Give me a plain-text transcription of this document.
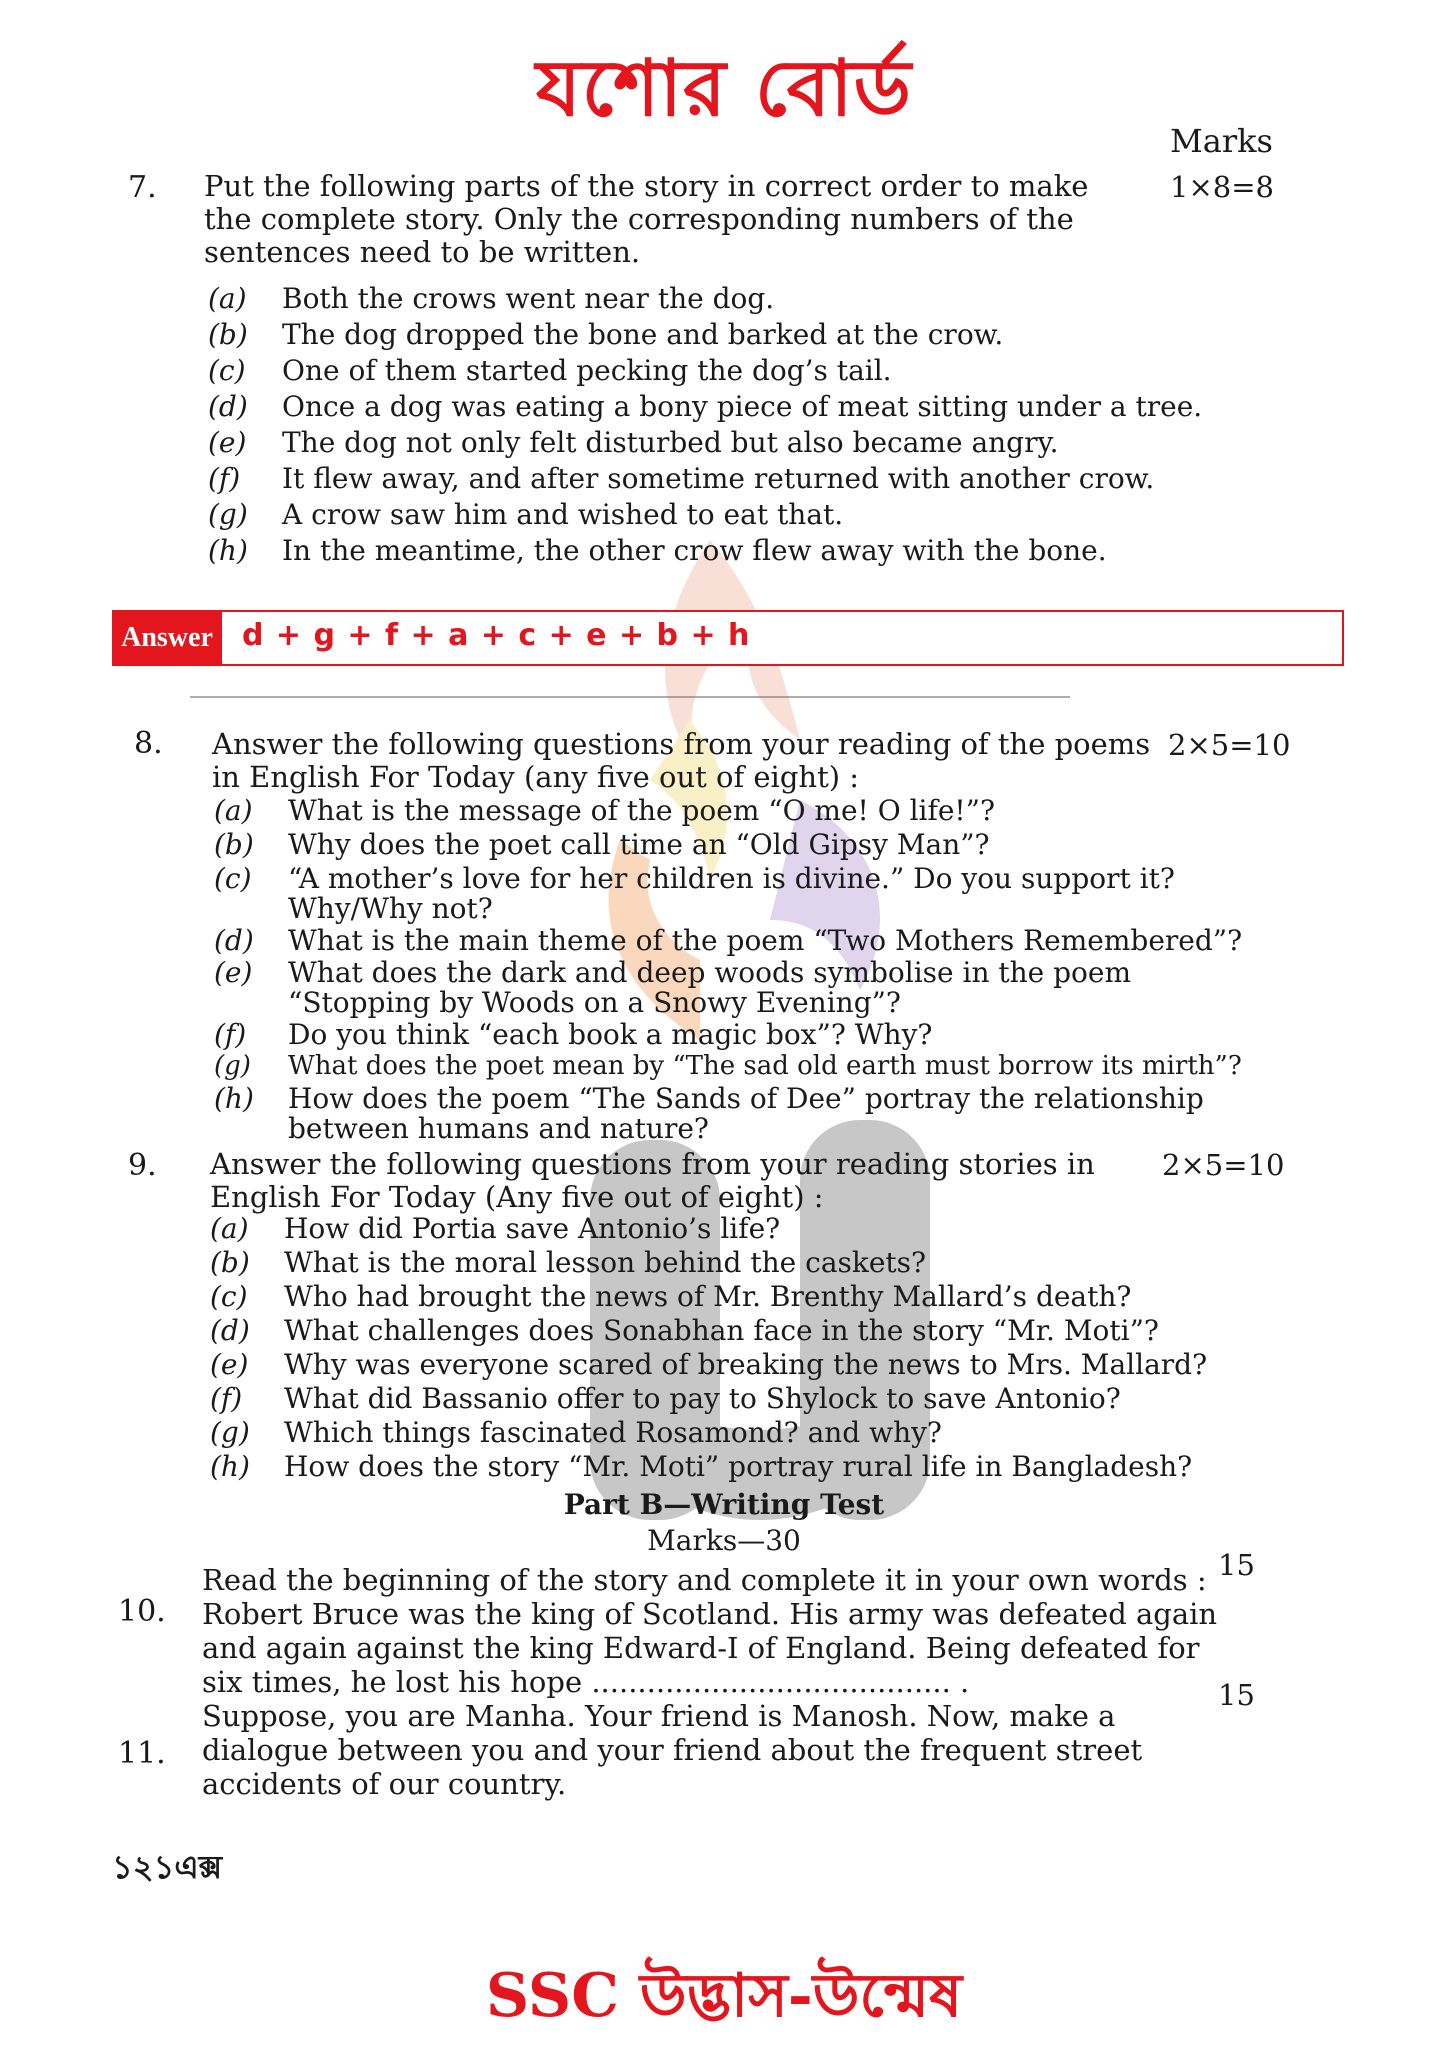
যশোর বোর্ড
Marks
7. Put the following parts of the story in correct order to make the complete story. Only the corresponding numbers of the sentences need to be written.
1×8=8
(a) Both the crows went near the dog.
(b) The dog dropped the bone and barked at the crow.
(c) One of them started pecking the dog’s tail.
(d) Once a dog was eating a bony piece of meat sitting under a tree.
(e) The dog not only felt disturbed but also became angry.
(f) It flew away, and after sometime returned with another crow.
(g) A crow saw him and wished to eat that.
(h) In the meantime, the other crow flew away with the bone.
Answer d + g + f + a + c + e + b + h
8. Answer the following questions from your reading of the poems in English For Today (any five out of eight) :
2×5=10
(a) What is the message of the poem “O me! O life!”?
(b) Why does the poet call time an “Old Gipsy Man”?
(c) “A mother’s love for her children is divine.” Do you support it?
Why/Why not?
(d) What is the main theme of the poem “Two Mothers Remembered”?
(e) What does the dark and deep woods symbolise in the poem
“Stopping by Woods on a Snowy Evening”?
(f) Do you think “each book a magic box”? Why?
(g) What does the poet mean by “The sad old earth must borrow its mirth”?
(h) How does the poem “The Sands of Dee” portray the relationship
between humans and nature?
9. Answer the following questions from your reading stories in English For Today (Any five out of eight) :
2×5=10
(a) How did Portia save Antonio’s life?
(b) What is the moral lesson behind the caskets?
(c) Who had brought the news of Mr. Brenthy Mallard’s death?
(d) What challenges does Sonabhan face in the story “Mr. Moti”?
(e) Why was everyone scared of breaking the news to Mrs. Mallard?
(f) What did Bassanio offer to pay to Shylock to save Antonio?
(g) Which things fascinated Rosamond? and why?
(h) How does the story “Mr. Moti” portray rural life in Bangladesh?
Part B—Writing Test
Marks—30
10.
15
Read the beginning of the story and complete it in your own words :
Robert Bruce was the king of Scotland. His army was defeated again
and again against the king Edward-I of England. Being defeated for
six times, he lost his hope ....................................... .
11.
15
Suppose, you are Manha. Your friend is Manosh. Now, make a
dialogue between you and your friend about the frequent street
accidents of our country.
১২১এক্স
SSC উদ্ভাস-উন্মেষ
